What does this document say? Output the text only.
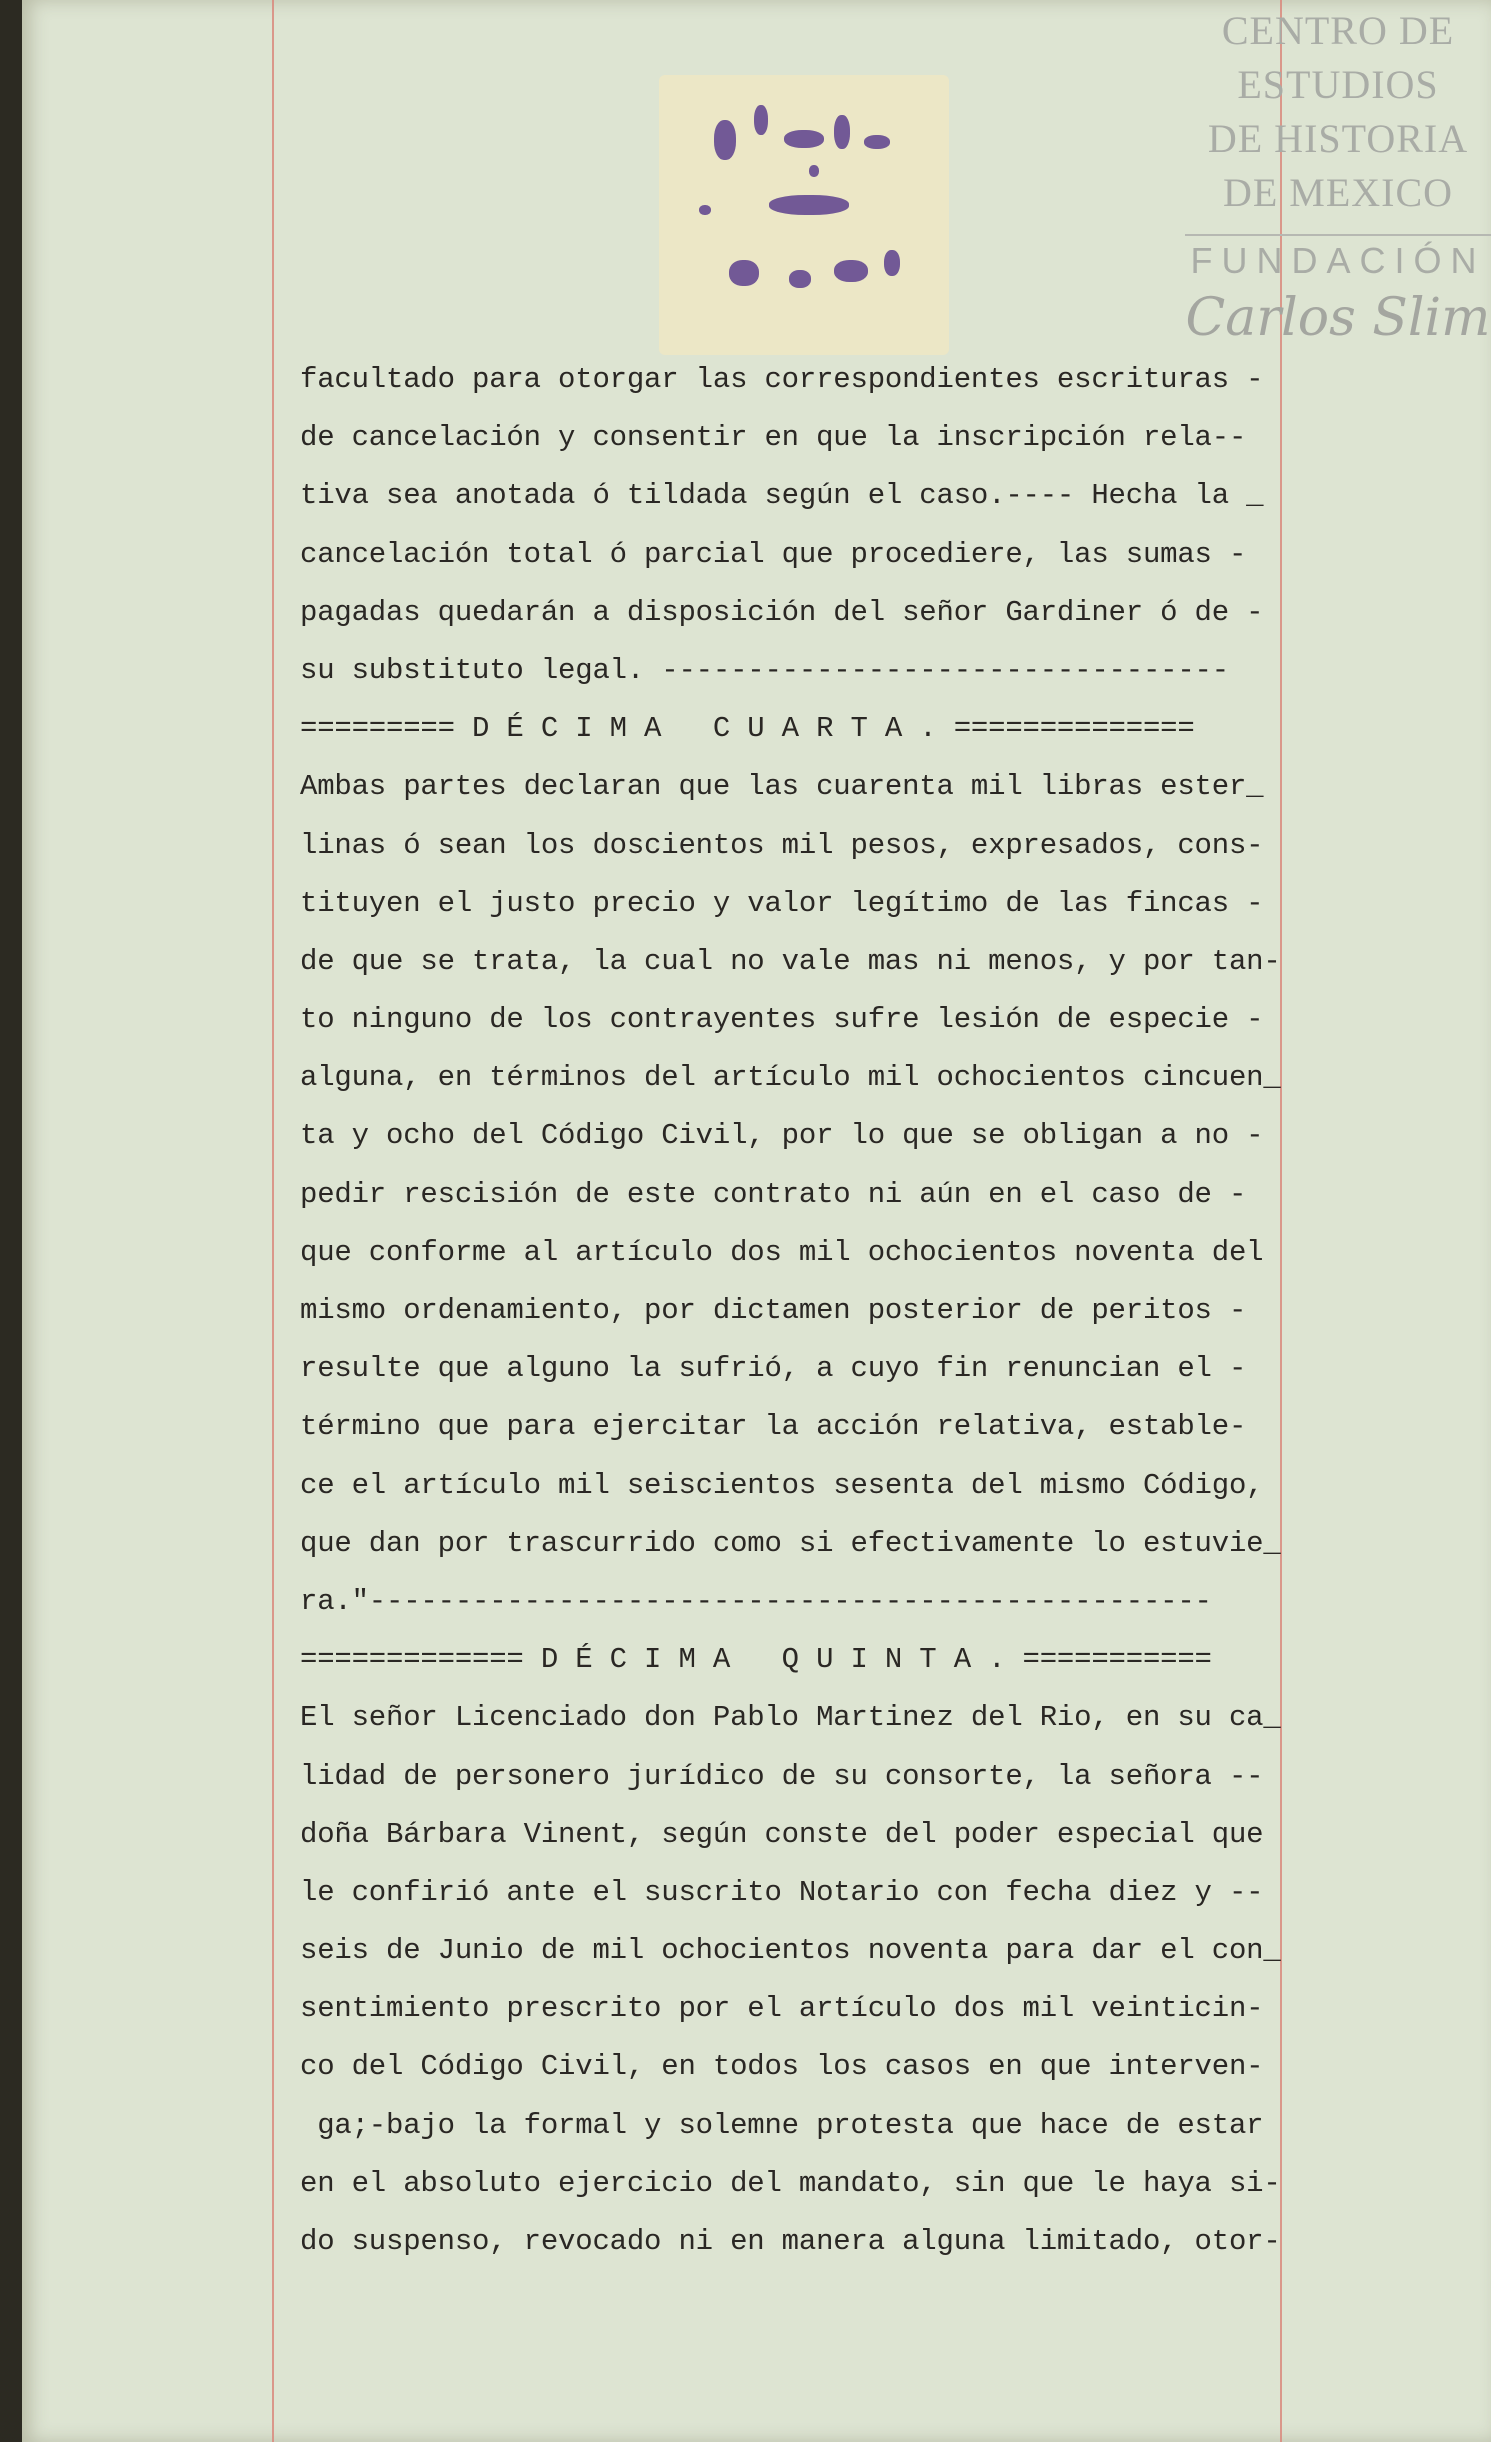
CENTRO DE
ESTUDIOS
DE HISTORIA
DE MEXICO
FUNDACIÓN
Carlos Slim
facultado para otorgar las correspondientes escrituras -
de cancelación y consentir en que la inscripción rela--
tiva sea anotada ó tildada según el caso.---- Hecha la _
cancelación total ó parcial que procediere, las sumas -
pagadas quedarán a disposición del señor Gardiner ó de -
su substituto legal. ---------------------------------
========= D É C I M A   C U A R T A . ==============
Ambas partes declaran que las cuarenta mil libras ester_
linas ó sean los doscientos mil pesos, expresados, cons-
tituyen el justo precio y valor legítimo de las fincas -
de que se trata, la cual no vale mas ni menos, y por tan-
to ninguno de los contrayentes sufre lesión de especie -
alguna, en términos del artículo mil ochocientos cincuen_
ta y ocho del Código Civil, por lo que se obligan a no -
pedir rescisión de este contrato ni aún en el caso de -
que conforme al artículo dos mil ochocientos noventa del
mismo ordenamiento, por dictamen posterior de peritos -
resulte que alguno la sufrió, a cuyo fin renuncian el -
término que para ejercitar la acción relativa, estable-
ce el artículo mil seiscientos sesenta del mismo Código,
que dan por trascurrido como si efectivamente lo estuvie_
ra."-------------------------------------------------
============= D É C I M A   Q U I N T A . ===========
El señor Licenciado don Pablo Martinez del Rio, en su ca_
lidad de personero jurídico de su consorte, la señora --
doña Bárbara Vinent, según conste del poder especial que
le confirió ante el suscrito Notario con fecha diez y --
seis de Junio de mil ochocientos noventa para dar el con_
sentimiento prescrito por el artículo dos mil veinticin-
co del Código Civil, en todos los casos en que interven-
ga;-bajo la formal y solemne protesta que hace de estar
en el absoluto ejercicio del mandato, sin que le haya si-
do suspenso, revocado ni en manera alguna limitado, otor-
